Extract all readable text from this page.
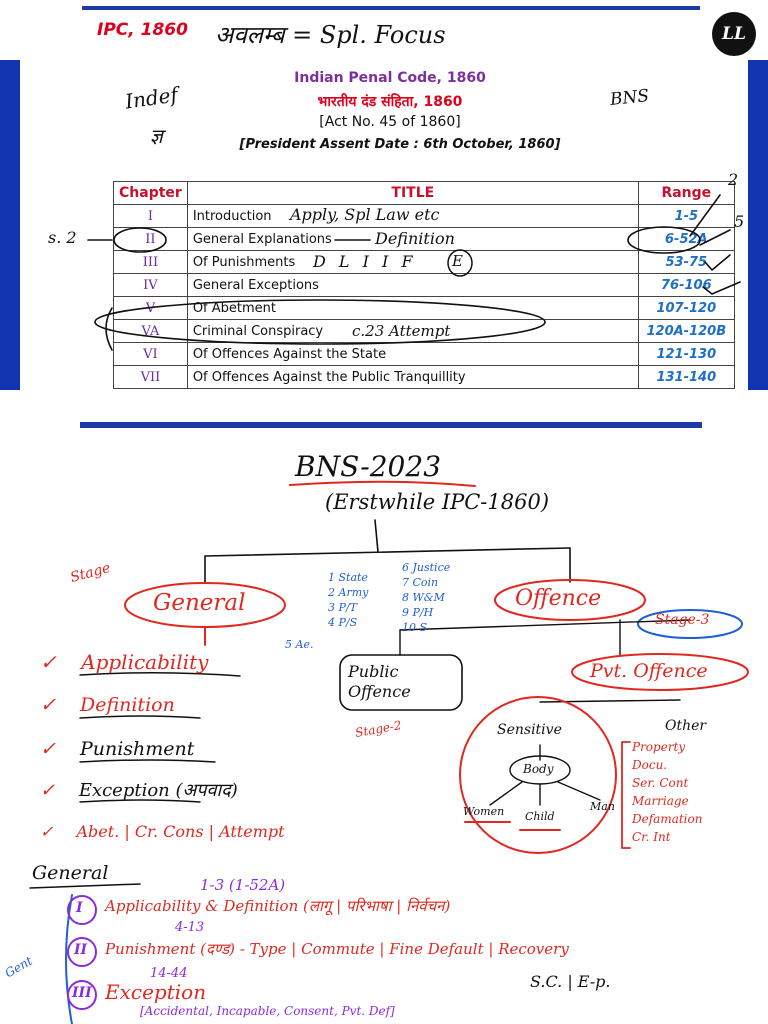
IPC, 1860 अवलम्ब = Spl. Focus	LL
Indian Penal Code, 1860
भारतीय दंड संहिता, 1860
[Act No. 45 of 1860]
[President Assent Date : 6th October, 1860]
Indef
ज्ञ
BNS
Chapter	TITLE	Range
I	Introduction	1-5
II	General Explanations	6-52A
III	Of Punishments	53-75
IV	General Exceptions	76-106
V	Of Abetment	107-120
VA	Criminal Conspiracy	120A-120B
VI	Of Offences Against the State	121-130
VII	Of Offences Against the Public Tranquillity	131-140
Apply, Spl Law etc
Definition
D L I I F E
c.23 Attempt
s. 2
2
5
BNS-2023
(Erstwhile IPC-1860)
Stage
General	Offence
Stage-3
1 State
2 Army
3 P/T
4 P/S
5 Ae.
6 Justice
7 Coin
8 W&M
9 P/H
10 S
Public Offence
Stage-2
Pvt. Offence
Sensitive	Other
Body
Women Child
Man
Property
Docu.
Ser. Cont
Marriage
Defamation
Cr. Int
✓ Applicability
✓ Definition
✓ Punishment
✓ Exception (अपवाद)
✓ Abet. | Cr. Cons | Attempt
General
Gent
I
1-3 (1-52A)
Applicability & Definition (लागू | परिभाषा | निर्वचन)
II
4-13
Punishment (दण्ड) - Type | Commute | Fine Default | Recovery
S.C. | E-p.
III
14-44
Exception
[Accidental, Incapable, Consent, Pvt. Def]
